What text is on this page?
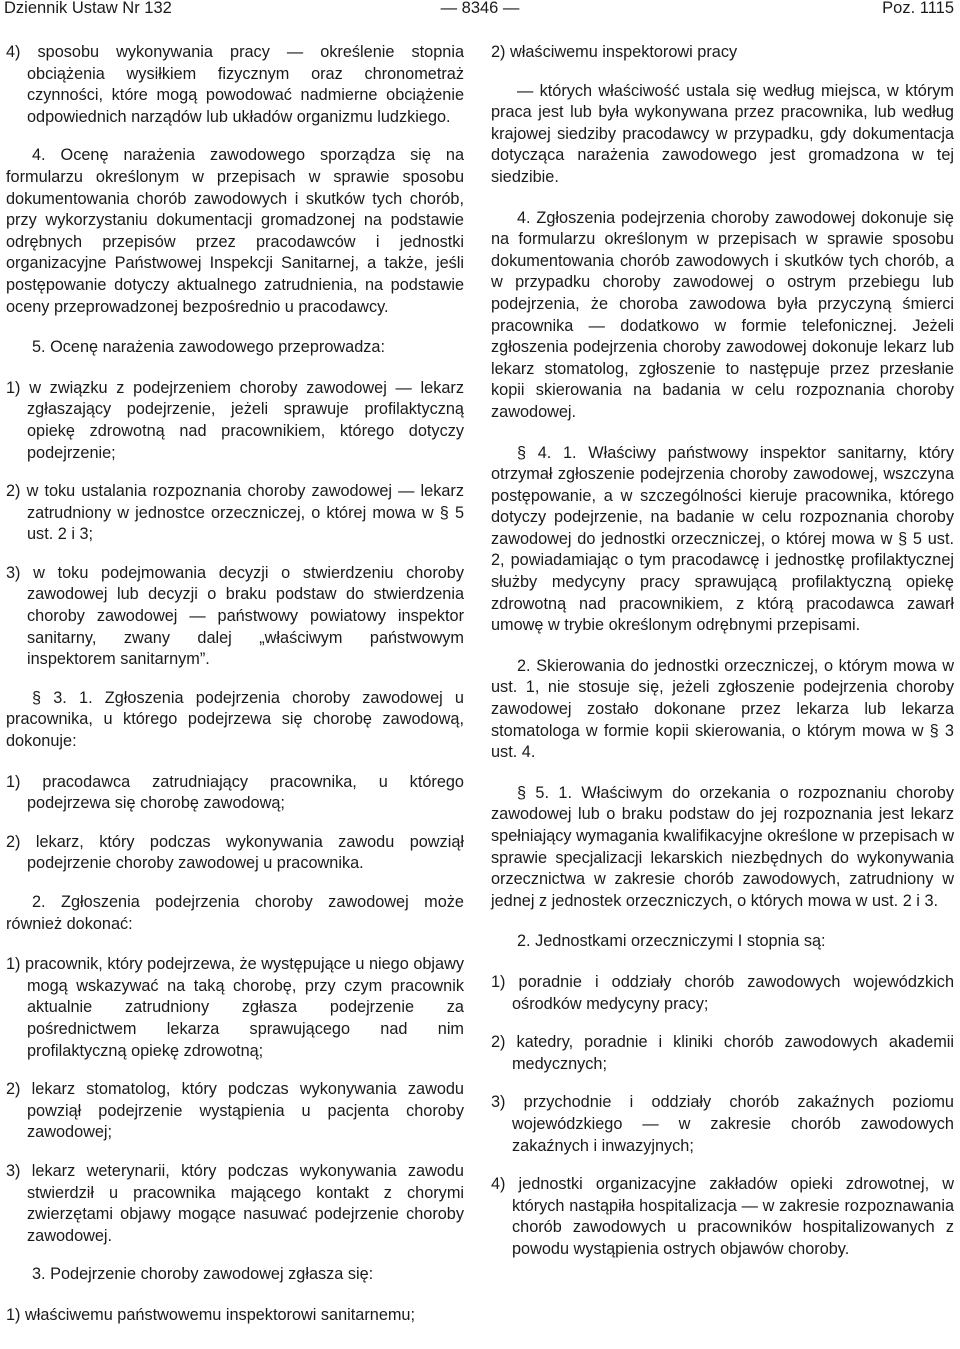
Dziennik Ustaw Nr 132	— 8346 —	Poz. 1115
4) sposobu wykonywania pracy — określenie stopnia obciążenia wysiłkiem fizycznym oraz chronometraż czynności, które mogą powodować nadmierne obciążenie odpowiednich narządów lub układów organizmu ludzkiego.
4. Ocenę narażenia zawodowego sporządza się na formularzu określonym w przepisach w sprawie sposobu dokumentowania chorób zawodowych i skutków tych chorób, przy wykorzystaniu dokumentacji gromadzonej na podstawie odrębnych przepisów przez pracodawców i jednostki organizacyjne Państwowej Inspekcji Sanitarnej, a także, jeśli postępowanie dotyczy aktualnego zatrudnienia, na podstawie oceny przeprowadzonej bezpośrednio u pracodawcy.
5. Ocenę narażenia zawodowego przeprowadza:
1) w związku z podejrzeniem choroby zawodowej — lekarz zgłaszający podejrzenie, jeżeli sprawuje profilaktyczną opiekę zdrowotną nad pracownikiem, którego dotyczy podejrzenie;
2) w toku ustalania rozpoznania choroby zawodowej — lekarz zatrudniony w jednostce orzeczniczej, o której mowa w § 5 ust. 2 i 3;
3) w toku podejmowania decyzji o stwierdzeniu choroby zawodowej lub decyzji o braku podstaw do stwierdzenia choroby zawodowej — państwowy powiatowy inspektor sanitarny, zwany dalej „właściwym państwowym inspektorem sanitarnym”.
§ 3. 1. Zgłoszenia podejrzenia choroby zawodowej u pracownika, u którego podejrzewa się chorobę zawodową, dokonuje:
1) pracodawca zatrudniający pracownika, u którego podejrzewa się chorobę zawodową;
2) lekarz, który podczas wykonywania zawodu powziął podejrzenie choroby zawodowej u pracownika.
2. Zgłoszenia podejrzenia choroby zawodowej może również dokonać:
1) pracownik, który podejrzewa, że występujące u niego objawy mogą wskazywać na taką chorobę, przy czym pracownik aktualnie zatrudniony zgłasza podejrzenie za pośrednictwem lekarza sprawującego nad nim profilaktyczną opiekę zdrowotną;
2) lekarz stomatolog, który podczas wykonywania zawodu powziął podejrzenie wystąpienia u pacjenta choroby zawodowej;
3) lekarz weterynarii, który podczas wykonywania zawodu stwierdził u pracownika mającego kontakt z chorymi zwierzętami objawy mogące nasuwać podejrzenie choroby zawodowej.
3. Podejrzenie choroby zawodowej zgłasza się:
1) właściwemu państwowemu inspektorowi sanitarnemu;
2) właściwemu inspektorowi pracy
— których właściwość ustala się według miejsca, w którym praca jest lub była wykonywana przez pracownika, lub według krajowej siedziby pracodawcy w przypadku, gdy dokumentacja dotycząca narażenia zawodowego jest gromadzona w tej siedzibie.
4. Zgłoszenia podejrzenia choroby zawodowej dokonuje się na formularzu określonym w przepisach w sprawie sposobu dokumentowania chorób zawodowych i skutków tych chorób, a w przypadku choroby zawodowej o ostrym przebiegu lub podejrzenia, że choroba zawodowa była przyczyną śmierci pracownika — dodatkowo w formie telefonicznej. Jeżeli zgłoszenia podejrzenia choroby zawodowej dokonuje lekarz lub lekarz stomatolog, zgłoszenie to następuje przez przesłanie kopii skierowania na badania w celu rozpoznania choroby zawodowej.
§ 4. 1. Właściwy państwowy inspektor sanitarny, który otrzymał zgłoszenie podejrzenia choroby zawodowej, wszczyna postępowanie, a w szczególności kieruje pracownika, którego dotyczy podejrzenie, na badanie w celu rozpoznania choroby zawodowej do jednostki orzeczniczej, o której mowa w § 5 ust. 2, powiadamiając o tym pracodawcę i jednostkę profilaktycznej służby medycyny pracy sprawującą profilaktyczną opiekę zdrowotną nad pracownikiem, z którą pracodawca zawarł umowę w trybie określonym odrębnymi przepisami.
2. Skierowania do jednostki orzeczniczej, o którym mowa w ust. 1, nie stosuje się, jeżeli zgłoszenie podejrzenia choroby zawodowej zostało dokonane przez lekarza lub lekarza stomatologa w formie kopii skierowania, o którym mowa w § 3 ust. 4.
§ 5. 1. Właściwym do orzekania o rozpoznaniu choroby zawodowej lub o braku podstaw do jej rozpoznania jest lekarz spełniający wymagania kwalifikacyjne określone w przepisach w sprawie specjalizacji lekarskich niezbędnych do wykonywania orzecznictwa w zakresie chorób zawodowych, zatrudniony w jednej z jednostek orzeczniczych, o których mowa w ust. 2 i 3.
2. Jednostkami orzeczniczymi I stopnia są:
1) poradnie i oddziały chorób zawodowych wojewódzkich ośrodków medycyny pracy;
2) katedry, poradnie i kliniki chorób zawodowych akademii medycznych;
3) przychodnie i oddziały chorób zakaźnych poziomu wojewódzkiego — w zakresie chorób zawodowych zakaźnych i inwazyjnych;
4) jednostki organizacyjne zakładów opieki zdrowotnej, w których nastąpiła hospitalizacja — w zakresie rozpoznawania chorób zawodowych u pracowników hospitalizowanych z powodu wystąpienia ostrych objawów choroby.
